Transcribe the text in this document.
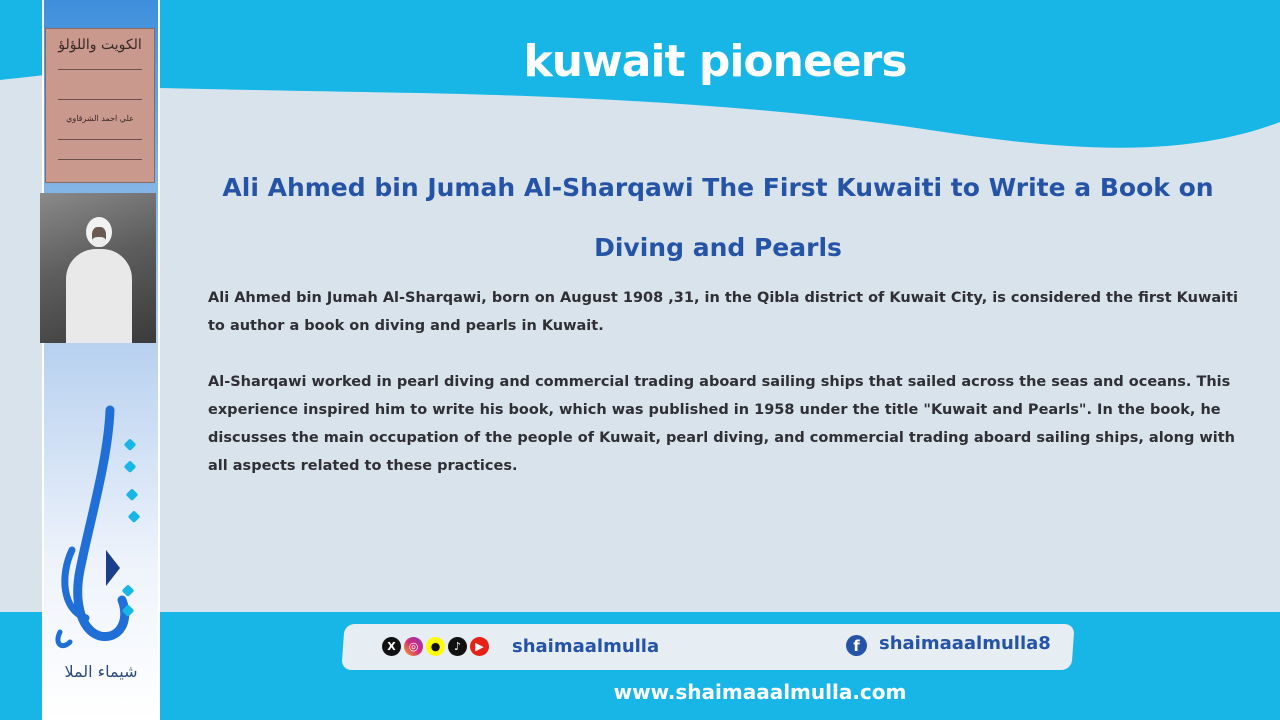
الكويت واللؤلؤ
علي احمد الشرقاوي
شيماء الملا
kuwait pioneers
Ali Ahmed bin Jumah Al-Sharqawi The First Kuwaiti to Write a Book on Diving and Pearls

Ali Ahmed bin Jumah Al-Sharqawi, born on August 1908 ,31, in the Qibla district of Kuwait City, is considered the first Kuwaiti to author a book on diving and pearls in Kuwait.

Al-Sharqawi worked in pearl diving and commercial trading aboard sailing ships that sailed across the seas and oceans. This experience inspired him to write his book, which was published in 1958 under the title "Kuwait and Pearls". In the book, he discusses the main occupation of the people of Kuwait, pearl diving, and commercial trading aboard sailing ships, along with all aspects related to these practices.

X	◎	●	♪	▶ shaimaalmulla	f	shaimaaalmulla8
www.shaimaaalmulla.com
